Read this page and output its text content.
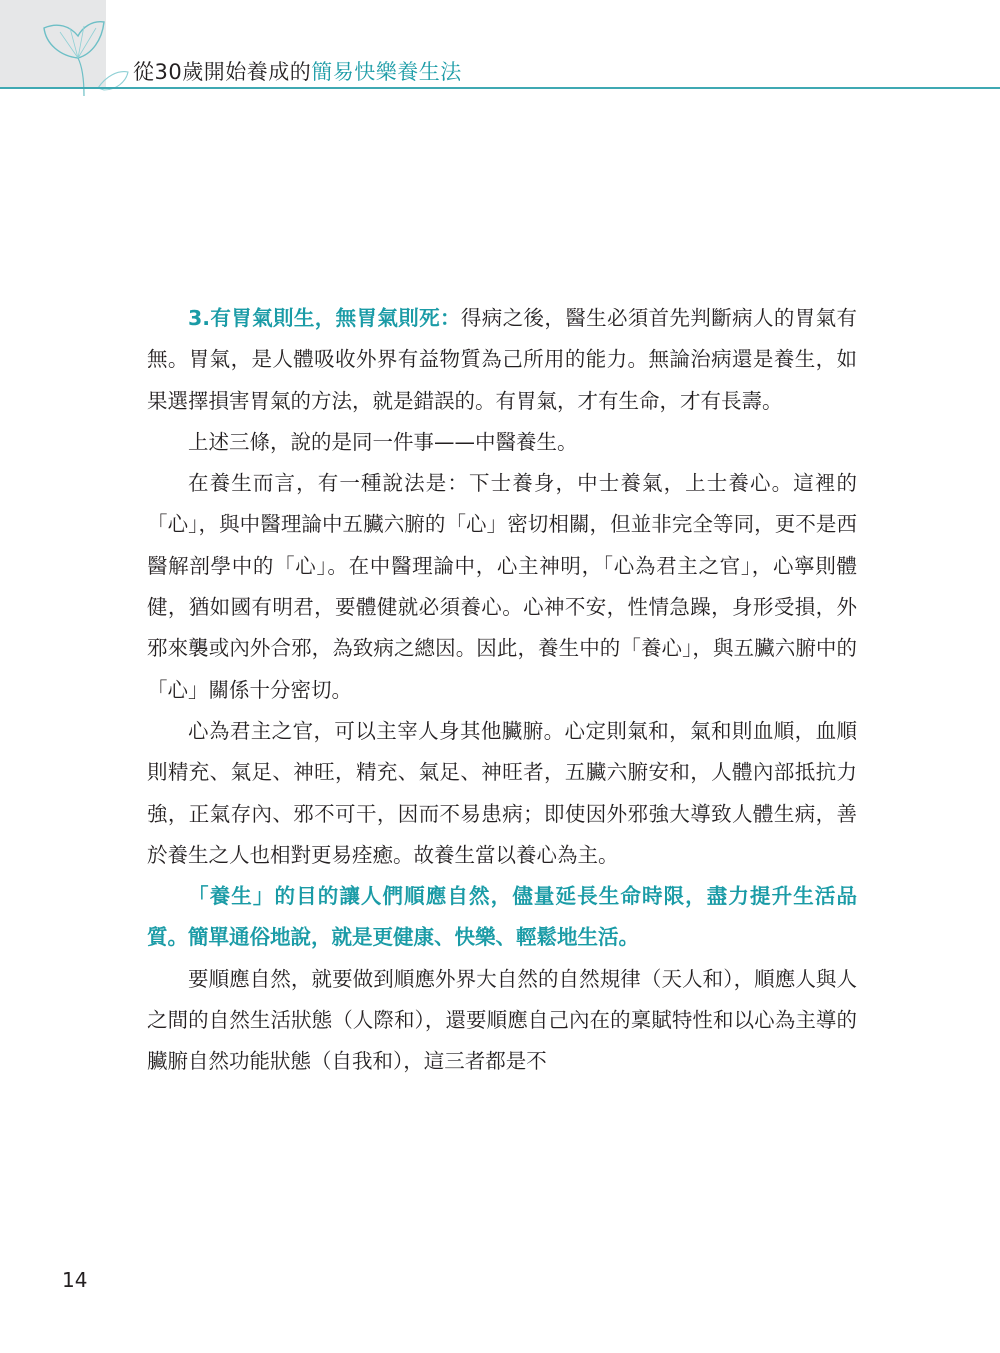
從30歲開始養成的簡易快樂養生法

3.有胃氣則生，無胃氣則死：得病之後，醫生必須首先判斷病人的胃氣有無。胃氣，是人體吸收外界有益物質為己所用的能力。無論治病還是養生，如果選擇損害胃氣的方法，就是錯誤的。有胃氣，才有生命，才有長壽。

上述三條，說的是同一件事——中醫養生。

在養生而言，有一種說法是：下士養身，中士養氣，上士養心。這裡的「心」，與中醫理論中五臟六腑的「心」密切相關，但並非完全等同，更不是西醫解剖學中的「心」。在中醫理論中，心主神明，「心為君主之官」，心寧則體健，猶如國有明君，要體健就必須養心。心神不安，性情急躁，身形受損，外邪來襲或內外合邪，為致病之總因。因此，養生中的「養心」，與五臟六腑中的「心」關係十分密切。

心為君主之官，可以主宰人身其他臟腑。心定則氣和，氣和則血順，血順則精充、氣足、神旺，精充、氣足、神旺者，五臟六腑安和，人體內部抵抗力強，正氣存內、邪不可干，因而不易患病；即使因外邪強大導致人體生病，善於養生之人也相對更易痊癒。故養生當以養心為主。

「養生」的目的讓人們順應自然，儘量延長生命時限，盡力提升生活品質。簡單通俗地說，就是更健康、快樂、輕鬆地生活。

要順應自然，就要做到順應外界大自然的自然規律（天人和），順應人與人之間的自然生活狀態（人際和），還要順應自己內在的稟賦特性和以心為主導的臟腑自然功能狀態（自我和），這三者都是不

14
